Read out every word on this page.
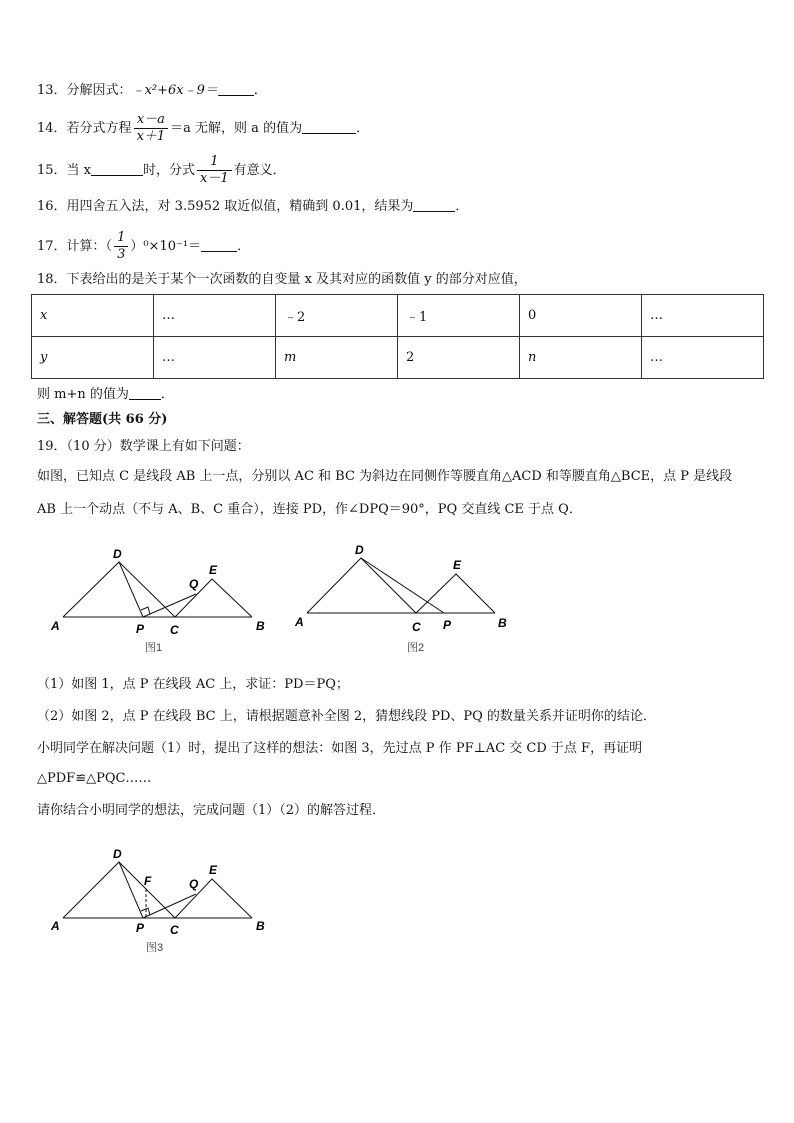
13．分解因式：﹣x²+6x﹣9＝	．
14．若分式方程 $\frac{x-a}{x+1} =a$ 无解，则 a 的值为	．
15．当 x	时，分式 $\frac{1}{x-1}$ 有意义．
16．用四舍五入法，对 3.5952 取近似值，精确到 0.01，结果为	．
17．计算：（ $\frac{1}{3} )^0\times 10^{-1}=$	．
18．下表给出的是关于某个一次函数的自变量 x 及其对应的函数值 y 的部分对应值，
x	…	﹣2	﹣1	0	…
y	…	m	2	n	…
则 m+n 的值为 ．
三、解答题(共 66 分)
19．（10 分）数学课上有如下问题：
如图，已知点 C 是线段 AB 上一点，分别以 AC 和 BC 为斜边在同侧作等腰直角△ACD 和等腰直角△BCE，点 P 是线段
AB 上一个动点（不与 A、B、C 重合），连接 PD，作∠DPQ＝90°，PQ 交直线 CE 于点 Q．
D
E
Q
A	P C	B
图1
D
E
A	C P	B
图2
（1）如图 1，点 P 在线段 AC 上，求证：PD＝PQ；
（2）如图 2，点 P 在线段 BC 上，请根据题意补全图 2，猜想线段 PD、PQ 的数量关系并证明你的结论．
小明同学在解决问题（1）时，提出了这样的想法：如图 3，先过点 P 作 PF⊥AC 交 CD 于点 F，再证明
△PDF≌△PQC……
请你结合小明同学的想法，完成问题（1）（2）的解答过程．
D
F
E
Q
A	P C	B
图3
